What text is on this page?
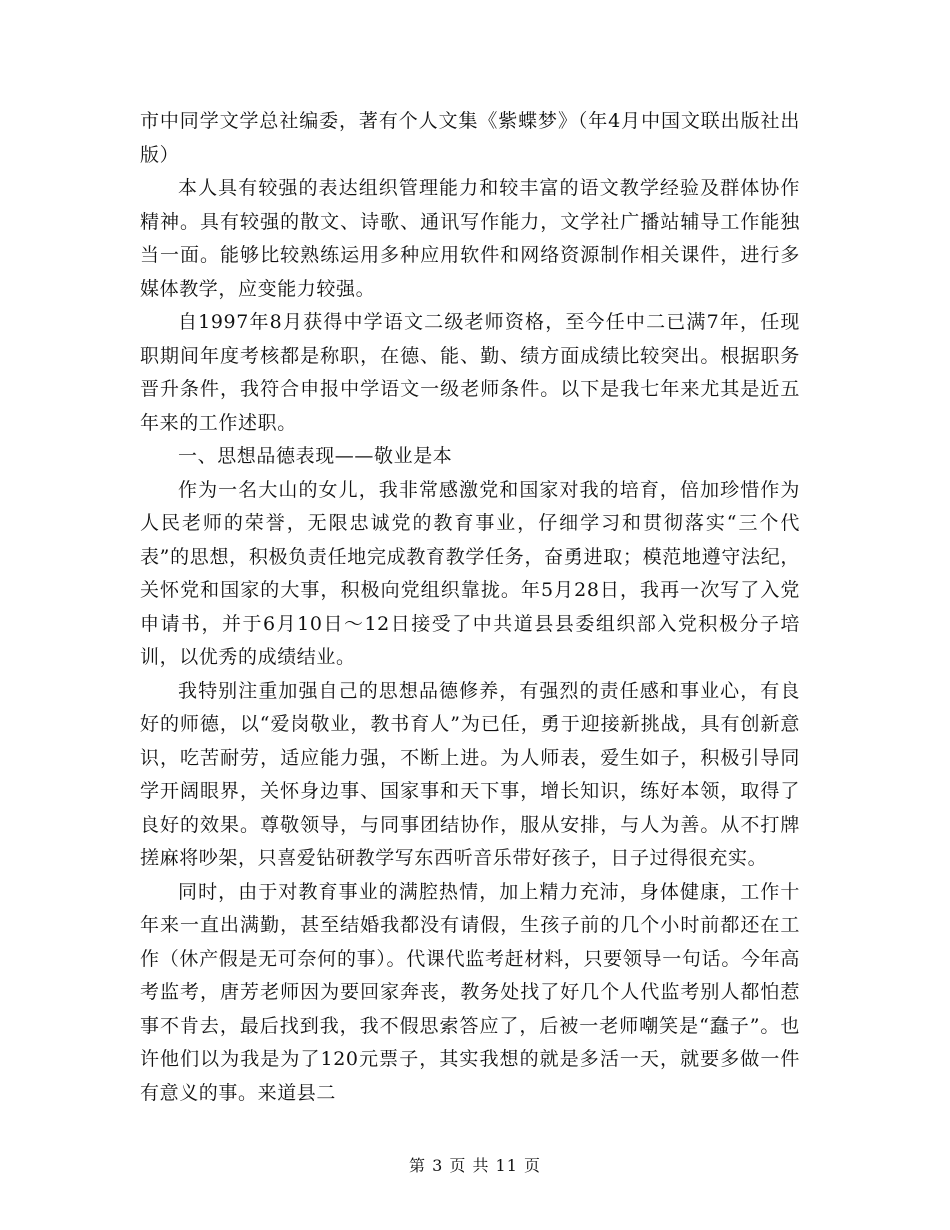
市中同学文学总社编委，著有个人文集《紫蝶梦》（年4月中国文联出版社出版）

本人具有较强的表达组织管理能力和较丰富的语文教学经验及群体协作精神。具有较强的散文、诗歌、通讯写作能力，文学社广播站辅导工作能独当一面。能够比较熟练运用多种应用软件和网络资源制作相关课件，进行多媒体教学，应变能力较强。

自1997年8月获得中学语文二级老师资格，至今任中二已满7年，任现职期间年度考核都是称职，在德、能、勤、绩方面成绩比较突出。根据职务晋升条件，我符合申报中学语文一级老师条件。以下是我七年来尤其是近五年来的工作述职。

一、思想品德表现——敬业是本

作为一名大山的女儿，我非常感激党和国家对我的培育，倍加珍惜作为人民老师的荣誉，无限忠诚党的教育事业，仔细学习和贯彻落实“三个代表”的思想，积极负责任地完成教育教学任务，奋勇进取；模范地遵守法纪，关怀党和国家的大事，积极向党组织靠拢。年5月28日，我再一次写了入党申请书，并于6月10日～12日接受了中共道县县委组织部入党积极分子培训，以优秀的成绩结业。

我特别注重加强自己的思想品德修养，有强烈的责任感和事业心，有良好的师德，以“爱岗敬业，教书育人”为已任，勇于迎接新挑战，具有创新意识，吃苦耐劳，适应能力强，不断上进。为人师表，爱生如子，积极引导同学开阔眼界，关怀身边事、国家事和天下事，增长知识，练好本领，取得了良好的效果。尊敬领导，与同事团结协作，服从安排，与人为善。从不打牌搓麻将吵架，只喜爱钻研教学写东西听音乐带好孩子，日子过得很充实。

同时，由于对教育事业的满腔热情，加上精力充沛，身体健康，工作十年来一直出满勤，甚至结婚我都没有请假，生孩子前的几个小时前都还在工作（休产假是无可奈何的事）。代课代监考赶材料，只要领导一句话。今年高考监考，唐芳老师因为要回家奔丧，教务处找了好几个人代监考别人都怕惹事不肯去，最后找到我，我不假思索答应了，后被一老师嘲笑是“蠢子”。也许他们以为我是为了120元票子，其实我想的就是多活一天，就要多做一件有意义的事。来道县二

第 3 页 共 11 页
